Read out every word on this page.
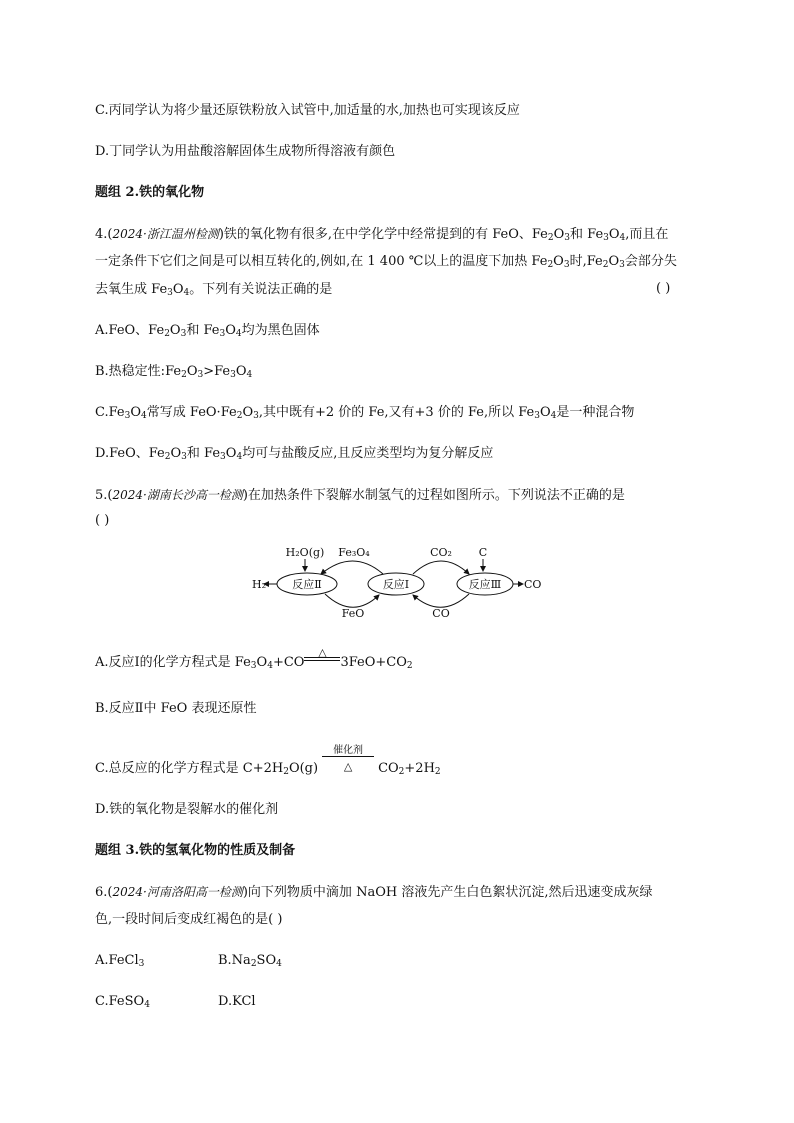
C.丙同学认为将少量还原铁粉放入试管中,加适量的水,加热也可实现该反应
D.丁同学认为用盐酸溶解固体生成物所得溶液有颜色
题组 2.铁的氧化物
4.(2024·浙江温州检测)铁的氧化物有很多,在中学化学中经常提到的有 FeO、$Fe_2O_3$和 $Fe_3O_4$,而且在
一定条件下它们之间是可以相互转化的,例如,在 1 400 ℃以上的温度下加热 $Fe_2O_3$时$,Fe_2O_3$会部分失
去氧生成 $Fe_3O_4$。下列有关说法正确的是	( )
A.FeO、$Fe_2O_3$和 $Fe_3O_4$均为黑色固体
B.热稳定性$:Fe_2O_3>Fe_3O_4$
$C.Fe_3O_4$常写成 $FeO\cdot Fe_2O_3$,其中既有+2 价的 Fe,又有+3 价的 Fe,所以 $Fe_3O_4$是一种混合物
D.FeO、$Fe_2O_3$和 $Fe_3O_4$均可与盐酸反应,且反应类型均为复分解反应
5.(2024·湖南长沙高一检测)在加热条件下裂解水制氢气的过程如图所示。下列说法不正确的是
( )
反应Ⅱ	反应Ⅰ	反应Ⅲ
H₂O(g) Fe₃O₄	CO₂ C
H₂	CO
FeO	CO
A.反应Ⅰ的化学方程式是 $Fe_3O_4+CO$
△
$3FeO+CO_2$
B.反应Ⅱ中 FeO 表现还原性
C.总反应的化学方程式是 $C+2H_2O(g)$
催化剂
△	$CO_2+2H_2$
D.铁的氧化物是裂解水的催化剂
题组 3.铁的氢氧化物的性质及制备
6.(2024·河南洛阳高一检测)向下列物质中滴加 NaOH 溶液先产生白色絮状沉淀,然后迅速变成灰绿
色,一段时间后变成红褐色的是( )
A.FeCl$_3$	$B.Na_2SO_4$
C.FeSO$_4$	D.KCl
